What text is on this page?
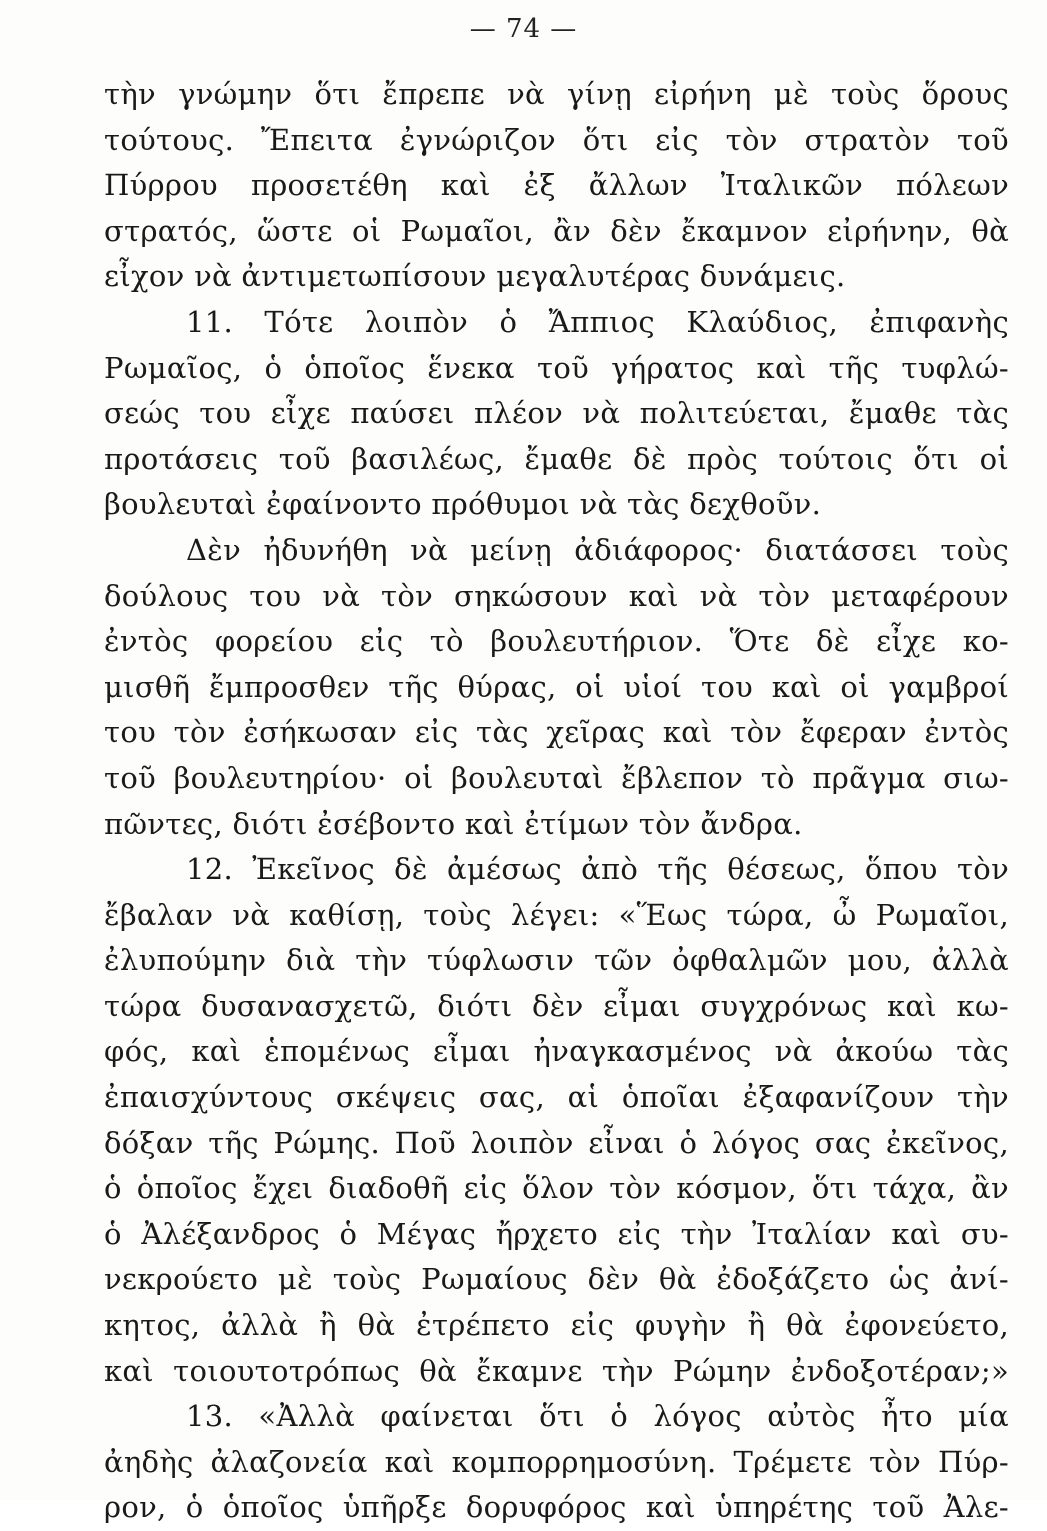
— 74 —
τὴν γνώμην ὅτι ἔπρεπε νὰ γίνῃ εἰρήνη μὲ τοὺς ὅρους
τούτους. Ἔπειτα ἐγνώριζον ὅτι εἰς τὸν στρατὸν τοῦ
Πύρρου προσετέθη καὶ ἐξ ἄλλων Ἰταλικῶν πόλεων
στρατός, ὥστε οἱ Ρωμαῖοι, ἂν δὲν ἔκαμνον εἰρήνην, θὰ
εἶχον νὰ ἀντιμετωπίσουν μεγαλυτέρας δυνάμεις.
11. Τότε λοιπὸν ὁ Ἄππιος Κλαύδιος, ἐπιφανὴς
Ρωμαῖος, ὁ ὁποῖος ἕνεκα τοῦ γήρατος καὶ τῆς τυφλώ-
σεώς του εἶχε παύσει πλέον νὰ πολιτεύεται, ἔμαθε τὰς
προτάσεις τοῦ βασιλέως, ἔμαθε δὲ πρὸς τούτοις ὅτι οἱ
βουλευταὶ ἐφαίνοντο πρόθυμοι νὰ τὰς δεχθοῦν.
Δὲν ἠδυνήθη νὰ μείνῃ ἀδιάφορος· διατάσσει τοὺς
δούλους του νὰ τὸν σηκώσουν καὶ νὰ τὸν μεταφέρουν
ἐντὸς φορείου εἰς τὸ βουλευτήριον. Ὅτε δὲ εἶχε κο-
μισθῆ ἔμπροσθεν τῆς θύρας, οἱ υἱοί του καὶ οἱ γαμβροί
του τὸν ἐσήκωσαν εἰς τὰς χεῖρας καὶ τὸν ἔφεραν ἐντὸς
τοῦ βουλευτηρίου· οἱ βουλευταὶ ἔβλεπον τὸ πρᾶγμα σιω-
πῶντες, διότι ἐσέβοντο καὶ ἐτίμων τὸν ἄνδρα.
12. Ἐκεῖνος δὲ ἀμέσως ἀπὸ τῆς θέσεως, ὅπου τὸν
ἔβαλαν νὰ καθίσῃ, τοὺς λέγει: «Ἕως τώρα, ὦ Ρωμαῖοι,
ἐλυπούμην διὰ τὴν τύφλωσιν τῶν ὀφθαλμῶν μου, ἀλλὰ
τώρα δυσανασχετῶ, διότι δὲν εἶμαι συγχρόνως καὶ κω-
φός, καὶ ἑπομένως εἶμαι ἠναγκασμένος νὰ ἀκούω τὰς
ἐπαισχύντους σκέψεις σας, αἱ ὁποῖαι ἐξαφανίζουν τὴν
δόξαν τῆς Ρώμης. Ποῦ λοιπὸν εἶναι ὁ λόγος σας ἐκεῖνος,
ὁ ὁποῖος ἔχει διαδοθῆ εἰς ὅλον τὸν κόσμον, ὅτι τάχα, ἂν
ὁ Ἀλέξανδρος ὁ Μέγας ἤρχετο εἰς τὴν Ἰταλίαν καὶ συ-
νεκρούετο μὲ τοὺς Ρωμαίους δὲν θὰ ἐδοξάζετο ὡς ἀνί-
κητος, ἀλλὰ ἢ θὰ ἐτρέπετο εἰς φυγὴν ἢ θὰ ἐφονεύετο,
καὶ τοιουτοτρόπως θὰ ἔκαμνε τὴν Ρώμην ἐνδοξοτέραν;»
13. «Ἀλλὰ φαίνεται ὅτι ὁ λόγος αὐτὸς ἦτο μία
ἀηδὴς ἀλαζονεία καὶ κομπορρημοσύνη. Τρέμετε τὸν Πύρ-
ρον, ὁ ὁποῖος ὑπῆρξε δορυφόρος καὶ ὑπηρέτης τοῦ Ἀλε-
